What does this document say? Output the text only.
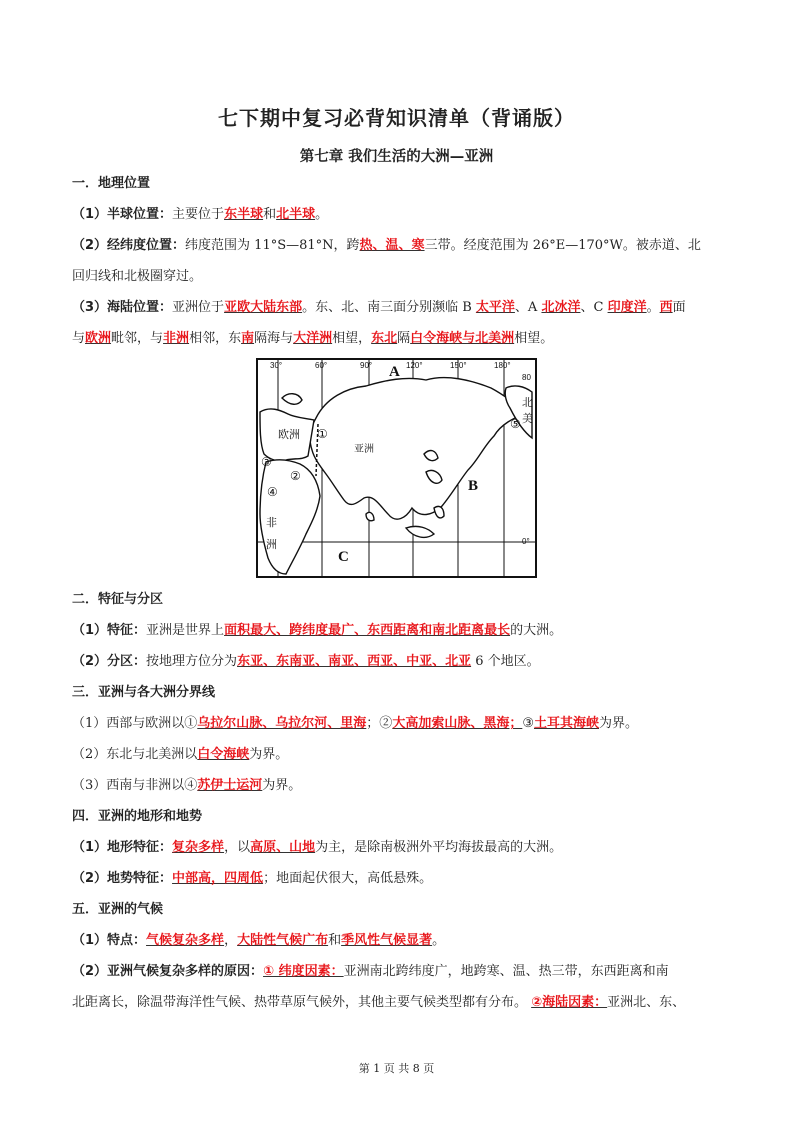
七下期中复习必背知识清单（背诵版）
第七章 我们生活的大洲—亚洲
一．地理位置
（1）半球位置：主要位于东半球和北半球。
（2）经纬度位置：纬度范围为 11°S—81°N，跨热、温、寒三带。经度范围为 26°E—170°W。被赤道、北
回归线和北极圈穿过。
（3）海陆位置：亚洲位于亚欧大陆东部。东、北、南三面分别濒临 B 太平洋、A 北冰洋、C 印度洋。西面
与欧洲毗邻，与非洲相邻，东南隔海与大洋洲相望，东北隔白令海峡与北美洲相望。
30°	60°	90°	120°	150°	180°
80
0°
A
B
C
欧洲
亚洲
非
洲
北
美
①
②
③
④
⑤
二．特征与分区
（1）特征：亚洲是世界上面积最大、跨纬度最广、东西距离和南北距离最长的大洲。
（2）分区：按地理方位分为东亚、东南亚、南亚、西亚、中亚、北亚 6 个地区。
三．亚洲与各大洲分界线
（1）西部与欧洲以①乌拉尔山脉、乌拉尔河、里海；②大高加索山脉、黑海；③土耳其海峡为界。
（2）东北与北美洲以白令海峡为界。
（3）西南与非洲以④苏伊士运河为界。
四．亚洲的地形和地势
（1）地形特征：复杂多样，以高原、山地为主，是除南极洲外平均海拔最高的大洲。
（2）地势特征：中部高，四周低；地面起伏很大，高低悬殊。
五．亚洲的气候
（1）特点：气候复杂多样，大陆性气候广布和季风性气候显著。
（2）亚洲气候复杂多样的原因：① 纬度因素：亚洲南北跨纬度广，地跨寒、温、热三带，东西距离和南
北距离长，除温带海洋性气候、热带草原气候外，其他主要气候类型都有分布。 ②海陆因素：亚洲北、东、
第 1 页 共 8 页
